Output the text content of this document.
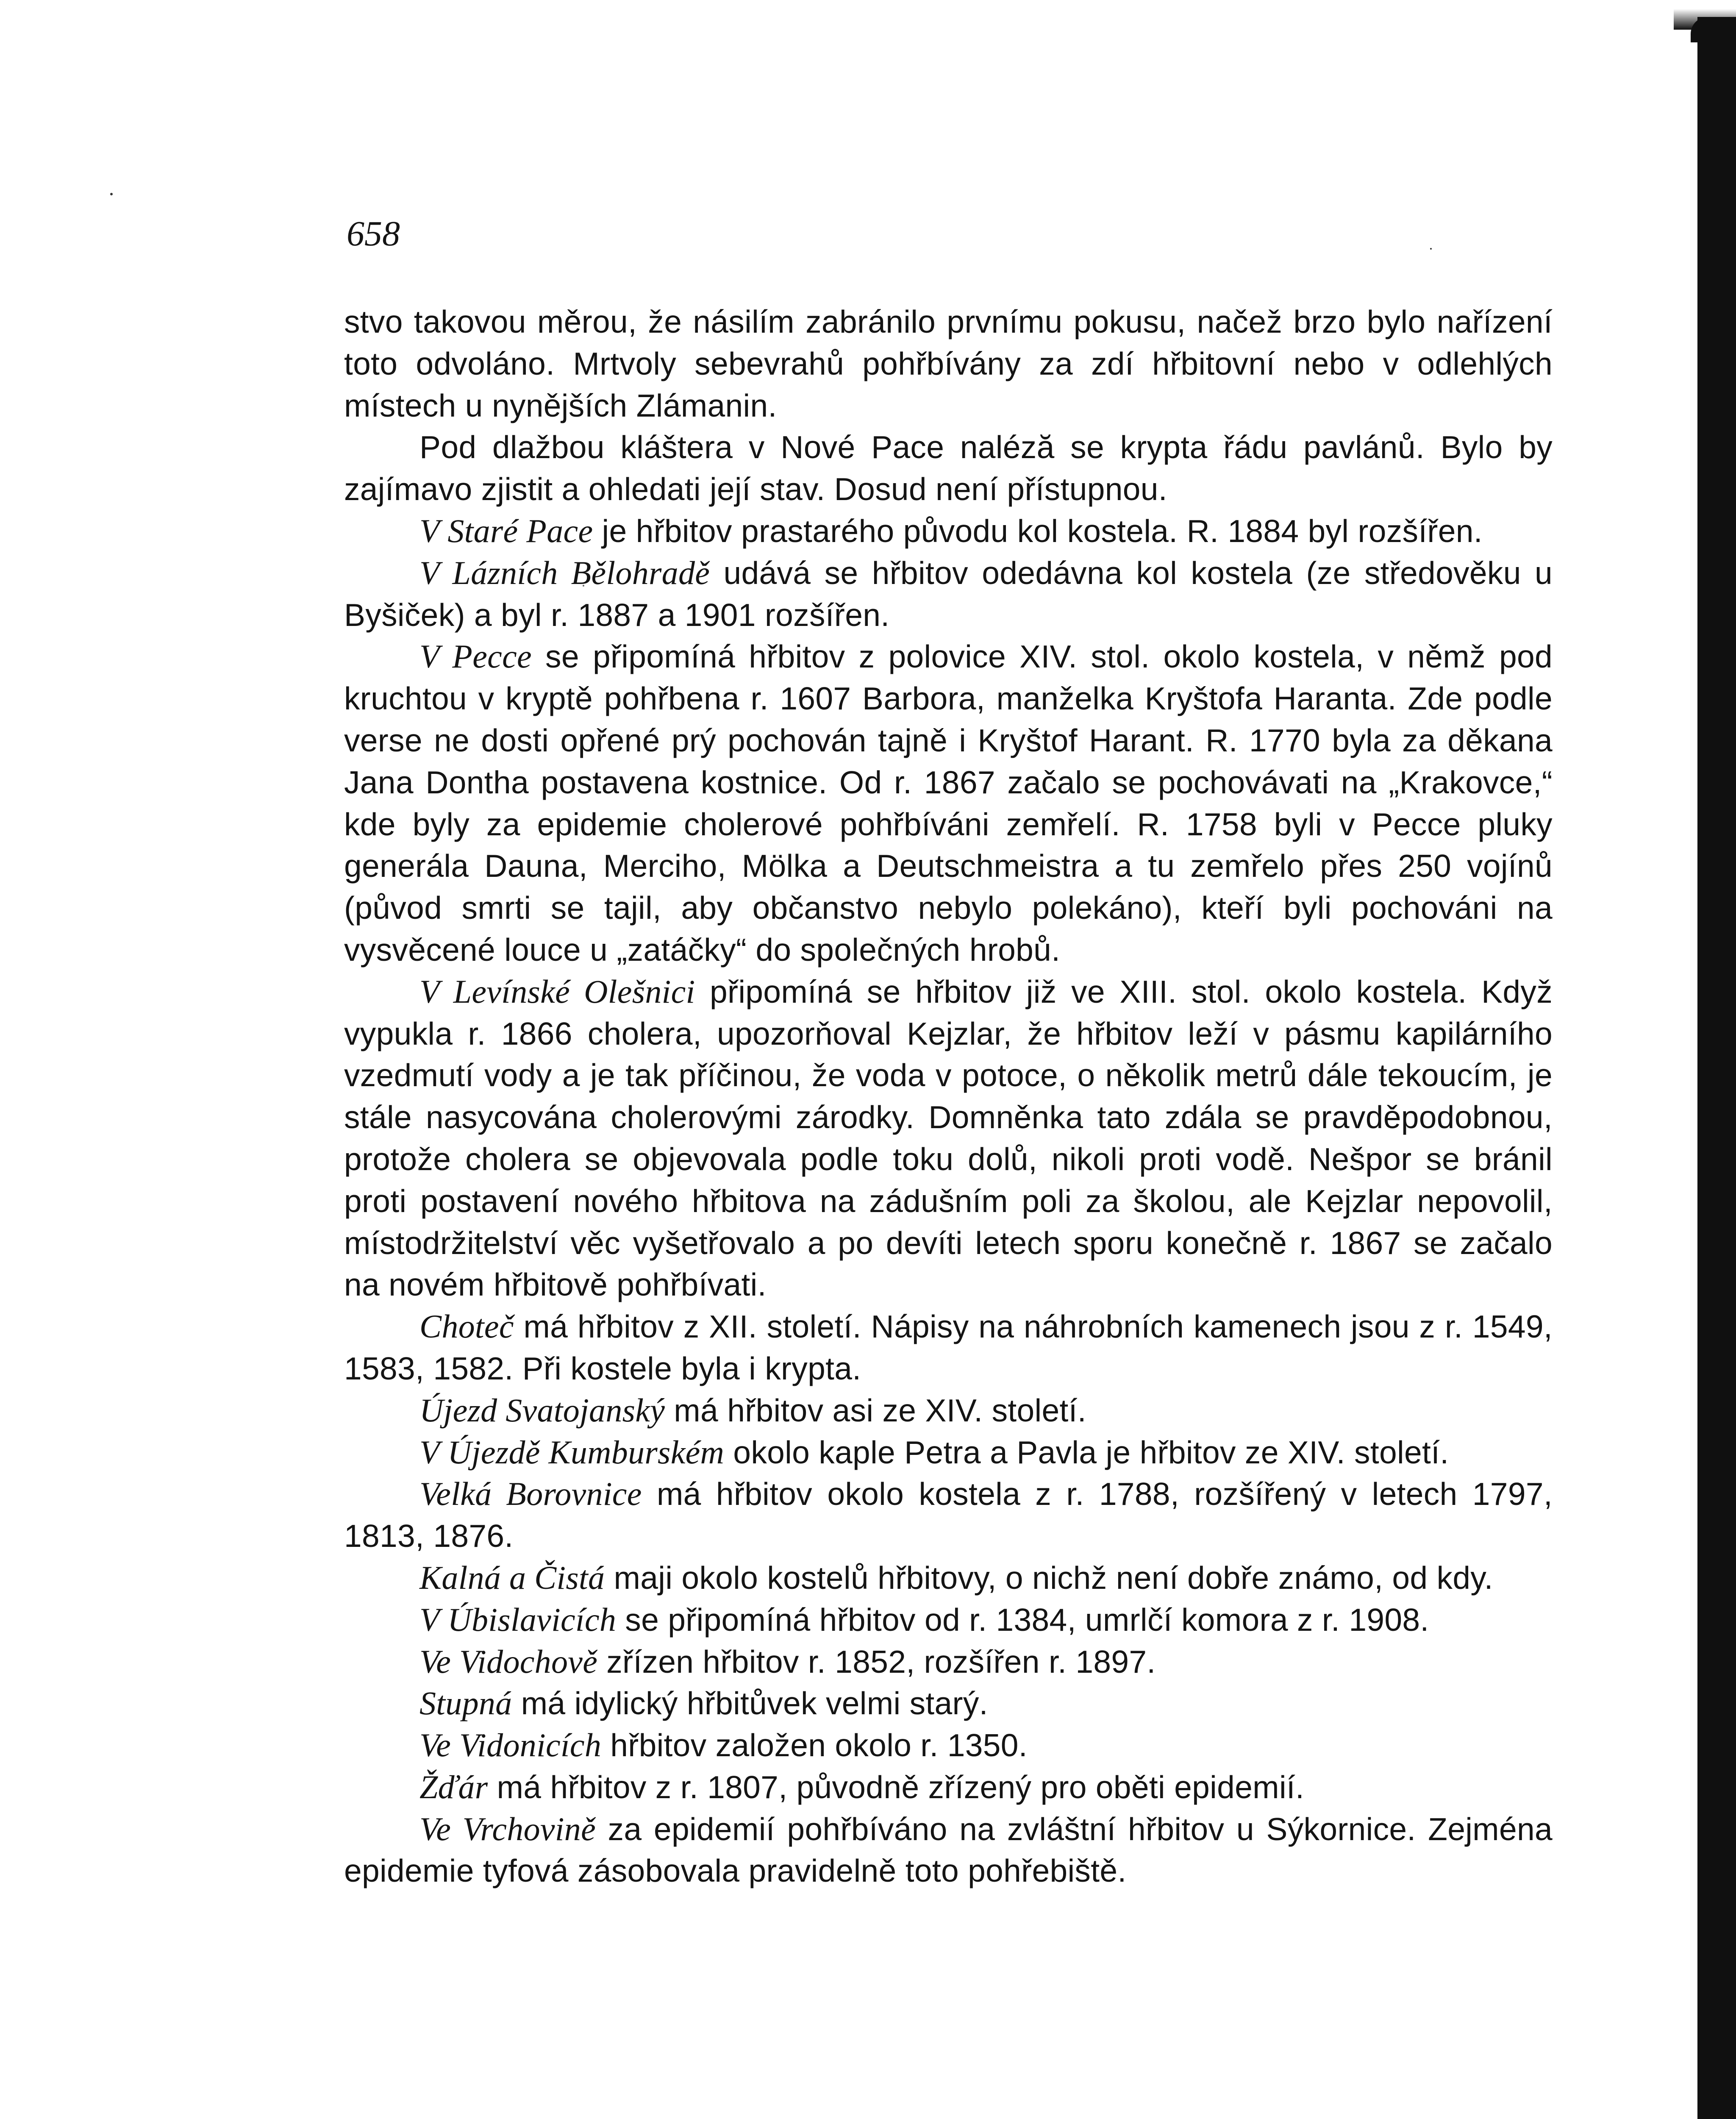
658

stvo takovou měrou, že násilím zabránilo prvnímu pokusu, načež brzo bylo nařízení toto odvoláno. Mrtvoly sebevrahů pohřbívány za zdí hřbitovní nebo v odlehlých místech u nynějších Zlámanin.

Pod dlažbou kláštera v Nové Pace naléză se krypta řádu pavlánů. Bylo by zajímavo zjistit a ohledati její stav. Dosud není přístupnou.

V Staré Pace je hřbitov prastarého původu kol kostela. R. 1884 byl rozšířen.

V Lázních Bělohradě udává se hřbitov odedávna kol kostela (ze středověku u Byšiček) a byl r. 1887 a 1901 rozšířen.

V Pecce se připomíná hřbitov z polovice XIV. stol. okolo kostela, v němž pod kruchtou v kryptě pohřbena r. 1607 Barbora, manželka Kryštofa Haranta. Zde podle verse ne dosti opřené prý pochován tajně i Kryštof Harant. R. 1770 byla za děkana Jana Dontha postavena kostnice. Od r. 1867 začalo se pochovávati na „Krakovce,“ kde byly za epidemie cholerové pohřbíváni zemřelí. R. 1758 byli v Pecce pluky generála Dauna, Merciho, Mölka a Deutschmeistra a tu zemřelo přes 250 vojínů (původ smrti se tajil, aby občanstvo nebylo polekáno), kteří byli pochováni na vysvěcené louce u „zatáčky“ do společných hrobů.

V Levínské Olešnici připomíná se hřbitov již ve XIII. stol. okolo kostela. Když vypukla r. 1866 cholera, upozorňoval Kejzlar, že hřbitov leží v pásmu kapilárního vzedmutí vody a je tak příčinou, že voda v potoce, o několik metrů dále tekoucím, je stále nasycována cholerovými zárodky. Domněnka tato zdála se pravděpodobnou, protože cholera se objevovala podle toku dolů, nikoli proti vodě. Nešpor se bránil proti postavení nového hřbitova na zádušním poli za školou, ale Kejzlar nepovolil, místodržitelství věc vyšetřovalo a po devíti letech sporu konečně r. 1867 se začalo na novém hřbitově pohřbívati.

Choteč má hřbitov z XII. století. Nápisy na náhrobních kamenech jsou z r. 1549, 1583, 1582. Při kostele byla i krypta.

Újezd Svatojanský má hřbitov asi ze XIV. století.

V Újezdě Kumburském okolo kaple Petra a Pavla je hřbitov ze XIV. století.

Velká Borovnice má hřbitov okolo kostela z r. 1788, rozšířený v letech 1797, 1813, 1876.

Kalná a Čistá maji okolo kostelů hřbitovy, o nichž není dobře známo, od kdy.

V Úbislavicích se připomíná hřbitov od r. 1384, umrlčí komora z r. 1908.

Ve Vidochově zřízen hřbitov r. 1852, rozšířen r. 1897.

Stupná má idylický hřbitůvek velmi starý.

Ve Vidonicích hřbitov založen okolo r. 1350.

Žďár má hřbitov z r. 1807, původně zřízený pro oběti epidemií.

Ve Vrchovině za epidemií pohřbíváno na zvláštní hřbitov u Sýkornice. Zejména epidemie tyfová zásobovala pravidelně toto pohřebiště.
